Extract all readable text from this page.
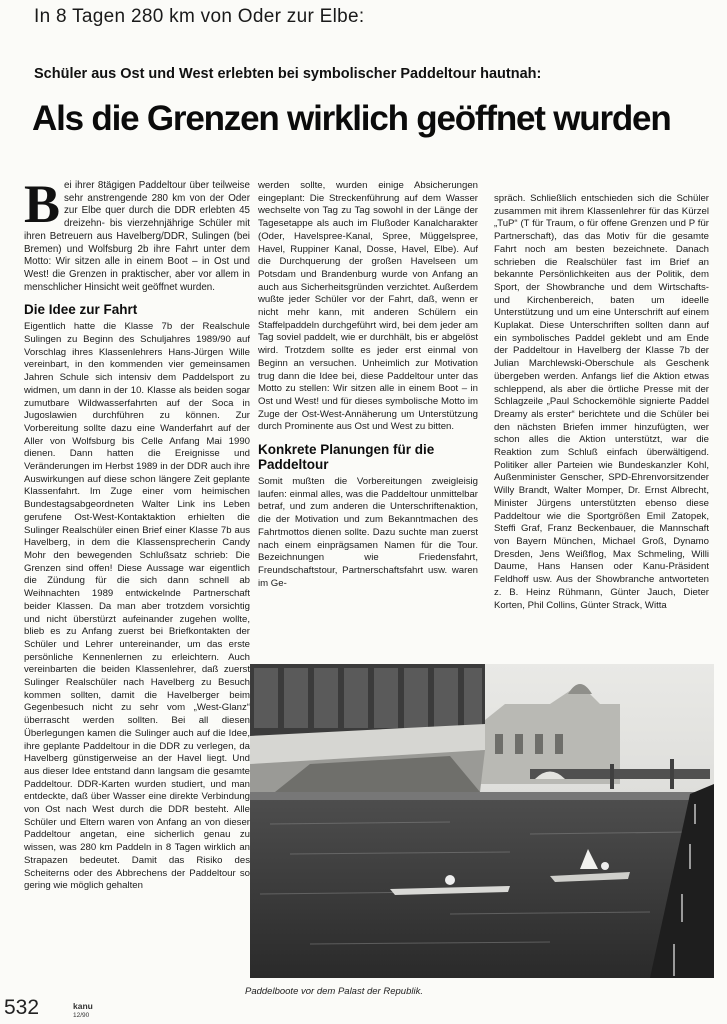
In 8 Tagen 280 km von Oder zur Elbe:
Schüler aus Ost und West erlebten bei symbolischer Paddeltour hautnah:
Als die Grenzen wirklich geöffnet wurden

Bei ihrer 8tägigen Paddeltour über teilweise sehr anstrengende 280 km von der Oder zur Elbe quer durch die DDR erlebten 45 dreizehn- bis vierzehnjährige Schüler mit ihren Betreuern aus Havelberg/DDR, Sulingen (bei Bremen) und Wolfsburg 2b ihre Fahrt unter dem Motto: Wir sitzen alle in einem Boot – in Ost und West! die Grenzen in praktischer, aber vor allem in menschlicher Hinsicht weit geöffnet wurden.

Die Idee zur Fahrt

Eigentlich hatte die Klasse 7b der Realschule Sulingen zu Beginn des Schuljahres 1989/90 auf Vorschlag ihres Klassenlehrers Hans-Jürgen Wille vereinbart, in den kommenden vier gemeinsamen Jahren Schule sich intensiv dem Paddelsport zu widmen, um dann in der 10. Klasse als beiden sogar zumutbare Wildwasserfahrten auf der Soca in Jugoslawien durchführen zu können. Zur Vorbereitung sollte dazu eine Wanderfahrt auf der Aller von Wolfsburg bis Celle Anfang Mai 1990 dienen. Dann hatten die Ereignisse und Veränderungen im Herbst 1989 in der DDR auch ihre Auswirkungen auf diese schon längere Zeit geplante Klassenfahrt. Im Zuge einer vom heimischen Bundestagsabgeordneten Walter Link ins Leben gerufene Ost-West-Kontaktaktion erhielten die Sulinger Realschüler einen Brief einer Klasse 7b aus Havelberg, in dem die Klassensprecherin Candy Mohr den bewegenden Schlußsatz schrieb: Die Grenzen sind offen! Diese Aussage war eigentlich die Zündung für die sich dann schnell ab Weihnachten 1989 entwickelnde Partnerschaft beider Klassen. Da man aber trotzdem vorsichtig und nicht überstürzt aufeinander zugehen wollte, blieb es zu Anfang zuerst bei Briefkontakten der Schüler und Lehrer untereinander, um das erste persönliche Kennenlernen zu erleichtern. Auch vereinbarten die beiden Klassenlehrer, daß zuerst Sulinger Realschüler nach Havelberg zu Besuch kommen sollten, damit die Havelberger beim Gegenbesuch nicht zu sehr vom „West-Glanz“ überrascht werden sollten. Bei all diesen Überlegungen kamen die Sulinger auch auf die Idee, ihre geplante Paddeltour in die DDR zu verlegen, da Havelberg günstigerweise an der Havel liegt. Und aus dieser Idee entstand dann langsam die gesamte Paddeltour. DDR-Karten wurden studiert, und man entdeckte, daß über Wasser eine direkte Verbindung von Ost nach West durch die DDR besteht. Alle Schüler und Eltern waren von Anfang an von dieser Paddeltour angetan, eine sicherlich genau zu wissen, was 280 km Paddeln in 8 Tagen wirklich an Strapazen bedeutet. Damit das Risiko des Scheiterns oder des Abbrechens der Paddeltour so gering wie möglich gehalten

werden sollte, wurden einige Absicherungen eingeplant: Die Streckenführung auf dem Wasser wechselte von Tag zu Tag sowohl in der Länge der Tagesetappe als auch im Flußoder Kanalcharakter (Oder, Havelspree-Kanal, Spree, Müggelspree, Havel, Ruppiner Kanal, Dosse, Havel, Elbe). Auf die Durchquerung der großen Havelseen um Potsdam und Brandenburg wurde von Anfang an auch aus Sicherheitsgründen verzichtet. Außerdem wußte jeder Schüler vor der Fahrt, daß, wenn er nicht mehr kann, mit anderen Schülern ein Staffelpaddeln durchgeführt wird, bei dem jeder am Tag soviel paddelt, wie er durchhält, bis er abgelöst wird. Trotzdem sollte es jeder erst einmal von Beginn an versuchen. Unheimlich zur Motivation trug dann die Idee bei, diese Paddeltour unter das Motto zu stellen: Wir sitzen alle in einem Boot – in Ost und West! und für dieses symbolische Motto im Zuge der Ost-West-Annäherung um Unterstützung durch Prominente aus Ost und West zu bitten.

Konkrete Planungen für die Paddeltour

Somit mußten die Vorbereitungen zweigleisig laufen: einmal alles, was die Paddeltour unmittelbar betraf, und zum anderen die Unterschriftenaktion, die der Motivation und zum Bekanntmachen des Fahrtmottos dienen sollte. Dazu suchte man zuerst nach einem einprägsamen Namen für die Tour. Bezeichnungen wie Friedensfahrt, Freundschaftstour, Partnerschaftsfahrt usw. waren im Ge-

spräch. Schließlich entschieden sich die Schüler zusammen mit ihrem Klassenlehrer für das Kürzel „TuP“ (T für Traum, o für offene Grenzen und P für Partnerschaft), das das Motiv für die gesamte Fahrt noch am besten bezeichnete. Danach schrieben die Realschüler fast im Brief an bekannte Persönlichkeiten aus der Politik, dem Sport, der Showbranche und dem Wirtschafts- und Kirchenbereich, baten um ideelle Unterstützung und um eine Unterschrift auf einem Kuplakat. Diese Unterschriften sollten dann auf ein symbolisches Paddel geklebt und am Ende der Paddeltour in Havelberg der Klasse 7b der Julian Marchlewski-Oberschule als Geschenk übergeben werden. Anfangs lief die Aktion etwas schleppend, als aber die örtliche Presse mit der Schlagzeile „Paul Schockemöhle signierte Paddel Dreamy als erster“ berichtete und die Schüler bei den nächsten Briefen immer hinzufügten, wer schon alles die Aktion unterstützt, war die Reaktion zum Schluß einfach überwältigend. Politiker aller Parteien wie Bundeskanzler Kohl, Außenminister Genscher, SPD-Ehrenvorsitzender Willy Brandt, Walter Momper, Dr. Ernst Albrecht, Minister Jürgens unterstützten ebenso diese Paddeltour wie die Sportgrößen Emil Zatopek, Steffi Graf, Franz Beckenbauer, die Mannschaft von Bayern München, Michael Groß, Dynamo Dresden, Jens Weißflog, Max Schmeling, Willi Daume, Hans Hansen oder Kanu-Präsident Feldhoff usw. Aus der Showbranche antworteten z. B. Heinz Rühmann, Günter Jauch, Dieter Korten, Phil Collins, Günter Strack, Witta

Paddelboote vor dem Palast der Republik.
532	kanu
12/90
